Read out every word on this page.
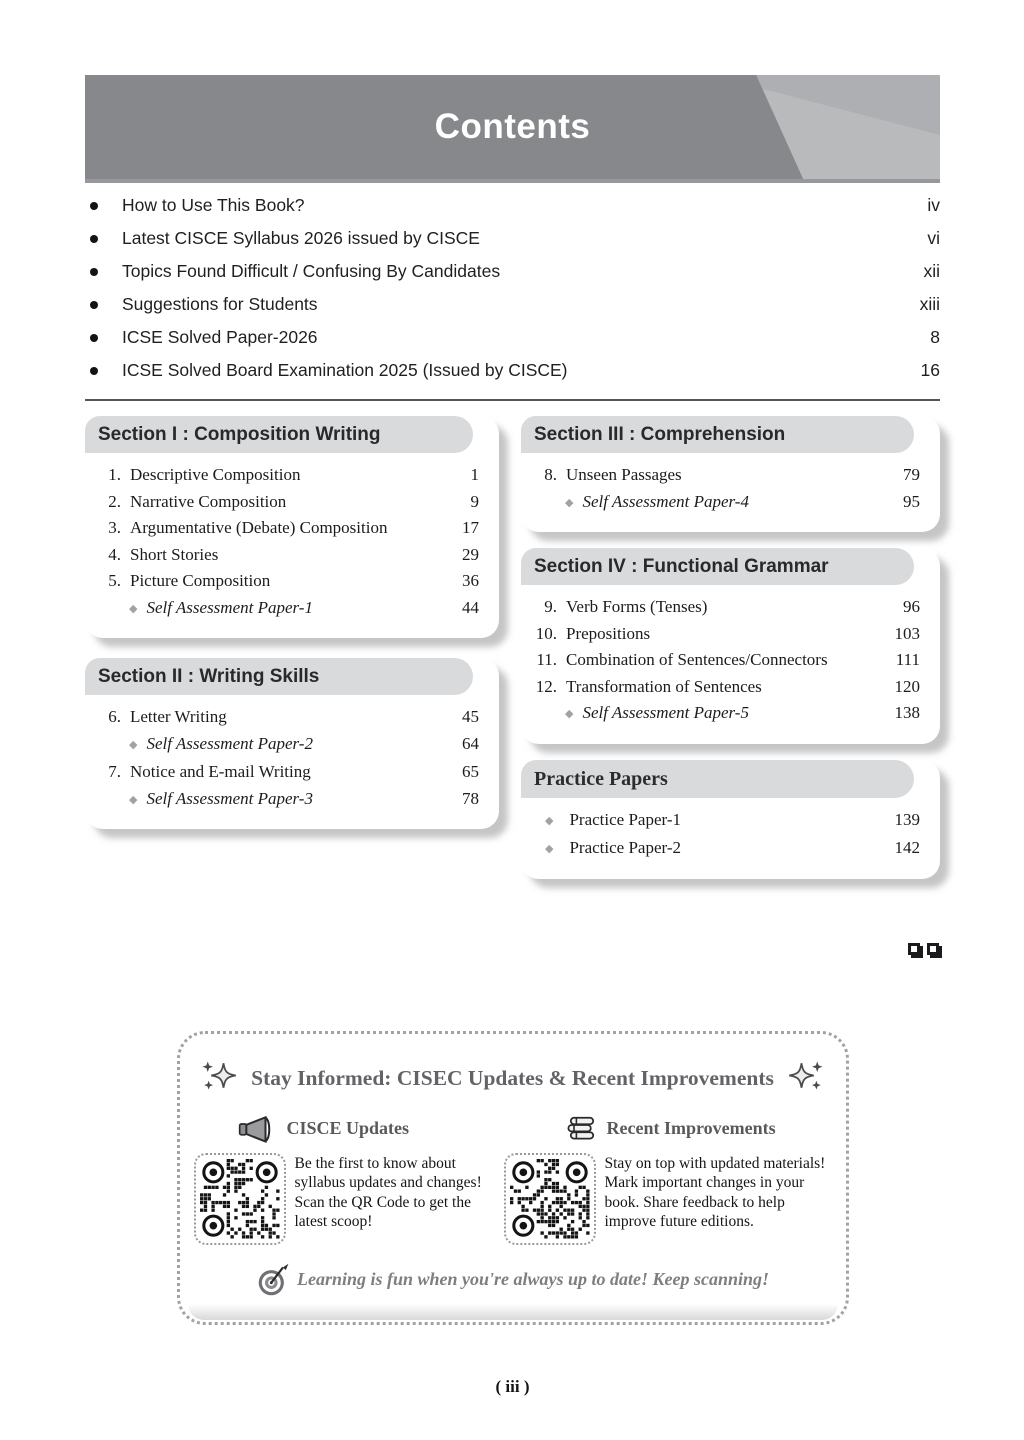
Contents
How to Use This Book?	iv
Latest CISCE Syllabus 2026 issued by CISCE	vi
Topics Found Difficult / Confusing By Candidates	xii
Suggestions for Students	xiii
ICSE Solved Paper-2026	8
ICSE Solved Board Examination 2025 (Issued by CISCE)	16
Section I : Composition Writing
1. Descriptive Composition	1
2. Narrative Composition	9
3. Argumentative (Debate) Composition	17
4. Short Stories	29
5. Picture Composition	36
◆ Self Assessment Paper-1	44
Section II : Writing Skills
6. Letter Writing	45
◆ Self Assessment Paper-2	64
7. Notice and E-mail Writing	65
◆ Self Assessment Paper-3	78
Section III : Comprehension
8. Unseen Passages	79
◆ Self Assessment Paper-4	95
Section IV : Functional Grammar
9. Verb Forms (Tenses)	96
10. Prepositions	103
11. Combination of Sentences/Connectors	111
12. Transformation of Sentences	120
◆ Self Assessment Paper-5	138
Practice Papers
◆ Practice Paper-1	139
◆ Practice Paper-2	142
Stay Informed: CISEC Updates & Recent Improvements
CISCE Updates
Be the first to know about syllabus updates and changes! Scan the QR Code to get the latest scoop!
Recent Improvements
Stay on top with updated materials! Mark important changes in your book. Share feedback to help improve future editions.
Learning is fun when you're always up to date! Keep scanning!
( iii )
